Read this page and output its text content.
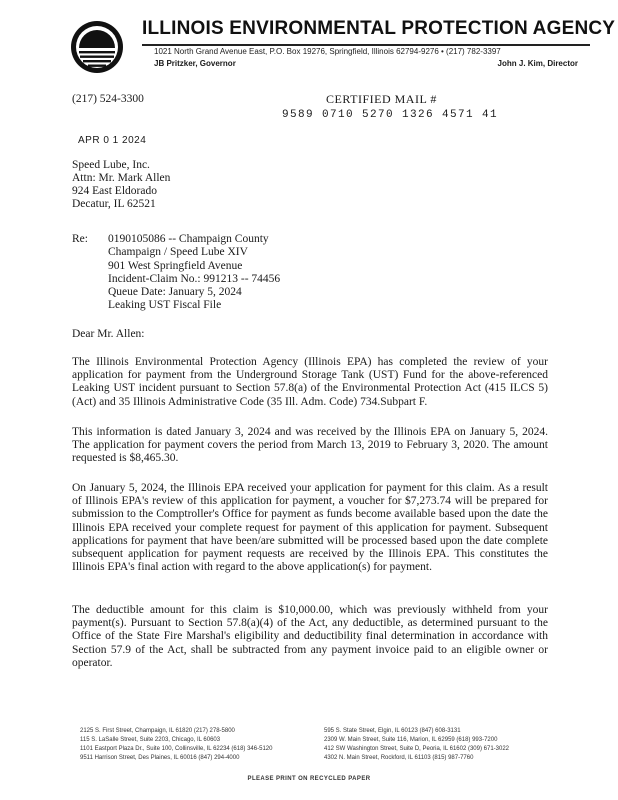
ILLINOIS ENVIRONMENTAL PROTECTION AGENCY
1021 North Grand Avenue East, P.O. Box 19276, Springfield, Illinois 62794-9276 • (217) 782-3397
JB Pritzker, Governor	John J. Kim, Director
(217) 524-3300	CERTIFIED MAIL #
9589 0710 5270 1326 4571 41
APR 0 1 2024
Speed Lube, Inc.
Attn: Mr. Mark Allen
924 East Eldorado
Decatur, IL 62521
Re: 0190105086 -- Champaign County
Champaign / Speed Lube XIV
901 West Springfield Avenue
Incident-Claim No.: 991213 -- 74456
Queue Date: January 5, 2024
Leaking UST Fiscal File
Dear Mr. Allen:
The Illinois Environmental Protection Agency (Illinois EPA) has completed the review of your application for payment from the Underground Storage Tank (UST) Fund for the above-referenced Leaking UST incident pursuant to Section 57.8(a) of the Environmental Protection Act (415 ILCS 5) (Act) and 35 Illinois Administrative Code (35 Ill. Adm. Code) 734.Subpart F.
This information is dated January 3, 2024 and was received by the Illinois EPA on January 5, 2024. The application for payment covers the period from March 13, 2019 to February 3, 2020. The amount requested is $8,465.30.
On January 5, 2024, the Illinois EPA received your application for payment for this claim. As a result of Illinois EPA's review of this application for payment, a voucher for $7,273.74 will be prepared for submission to the Comptroller's Office for payment as funds become available based upon the date the Illinois EPA received your complete request for payment of this application for payment. Subsequent applications for payment that have been/are submitted will be processed based upon the date complete subsequent application for payment requests are received by the Illinois EPA. This constitutes the Illinois EPA's final action with regard to the above application(s) for payment.
The deductible amount for this claim is $10,000.00, which was previously withheld from your payment(s). Pursuant to Section 57.8(a)(4) of the Act, any deductible, as determined pursuant to the Office of the State Fire Marshal's eligibility and deductibility final determination in accordance with Section 57.9 of the Act, shall be subtracted from any payment invoice paid to an eligible owner or operator.
2125 S. First Street, Champaign, IL 61820 (217) 278-5800
115 S. LaSalle Street, Suite 2203, Chicago, IL 60603
1101 Eastport Plaza Dr., Suite 100, Collinsville, IL 62234 (618) 346-5120
9511 Harrison Street, Des Plaines, IL 60016 (847) 294-4000
595 S. State Street, Elgin, IL 60123 (847) 608-3131
2309 W. Main Street, Suite 116, Marion, IL 62959 (618) 993-7200
412 SW Washington Street, Suite D, Peoria, IL 61602 (309) 671-3022
4302 N. Main Street, Rockford, IL 61103 (815) 987-7760
PLEASE PRINT ON RECYCLED PAPER
